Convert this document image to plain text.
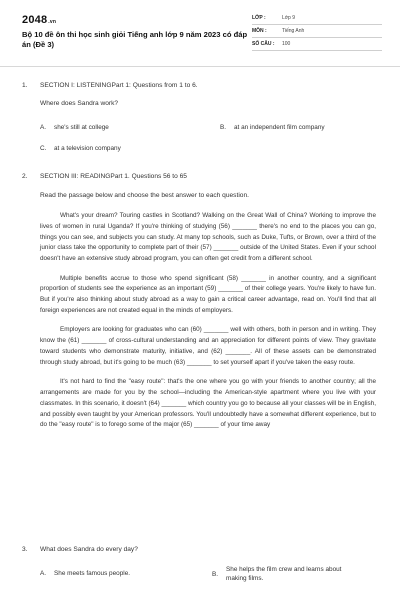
2048.vn
Bộ 10 đề ôn thi học sinh giỏi Tiếng anh lớp 9 năm 2023 có đáp án (Đề 3)
LỚP :	Lớp 9
MÔN :	Tiếng Anh
SỐ CÂU :	100
1. SECTION I: LISTENINGPart 1: Questions from 1 to 6.
Where does Sandra work?
A.	she's still at college	B.	at an independent film company
C.	at a television company
2. SECTION III: READINGPart 1. Questions 56 to 65
Read the passage below and choose the best answer to each question.

What's your dream? Touring castles in Scotland? Walking on the Great Wall of China? Working to improve the lives of women in rural Uganda? If you're thinking of studying (56) _______ there's no end to the places you can go, things you can see, and subjects you can study. At many top schools, such as Duke, Tufts, or Brown, over a third of the junior class take the opportunity to complete part of their (57) _______ outside of the United States. Even if your school doesn't have an extensive study abroad program, you can often get credit from a different school.

Multiple benefits accrue to those who spend significant (58) _______ in another country, and a significant proportion of students see the experience as an important (59) _______ of their college years. You're likely to have fun. But if you're also thinking about study abroad as a way to gain a critical career advantage, read on. You'll find that all foreign experiences are not created equal in the minds of employers.

Employers are looking for graduates who can (60) _______ well with others, both in person and in writing. They know the (61) _______ of cross-cultural understanding and an appreciation for different points of view. They gravitate toward students who demonstrate maturity, initiative, and (62) _______. All of these assets can be demonstrated through study abroad, but it's going to be much (63) _______ to set yourself apart if you've taken the easy route.

It's not hard to find the "easy route": that's the one where you go with your friends to another country; all the arrangements are made for you by the school—including the American-style apartment where you live with your classmates. In this scenario, it doesn't (64) _______ which country you go to because all your classes will be in English, and possibly even taught by your American professors. You'll undoubtedly have a somewhat different experience, but to do the "easy route" is to forego some of the major (65) _______ of your time away

3. What does Sandra do every day?
A.	She meets famous people.	B.
She helps the film crew and learns about making films.
